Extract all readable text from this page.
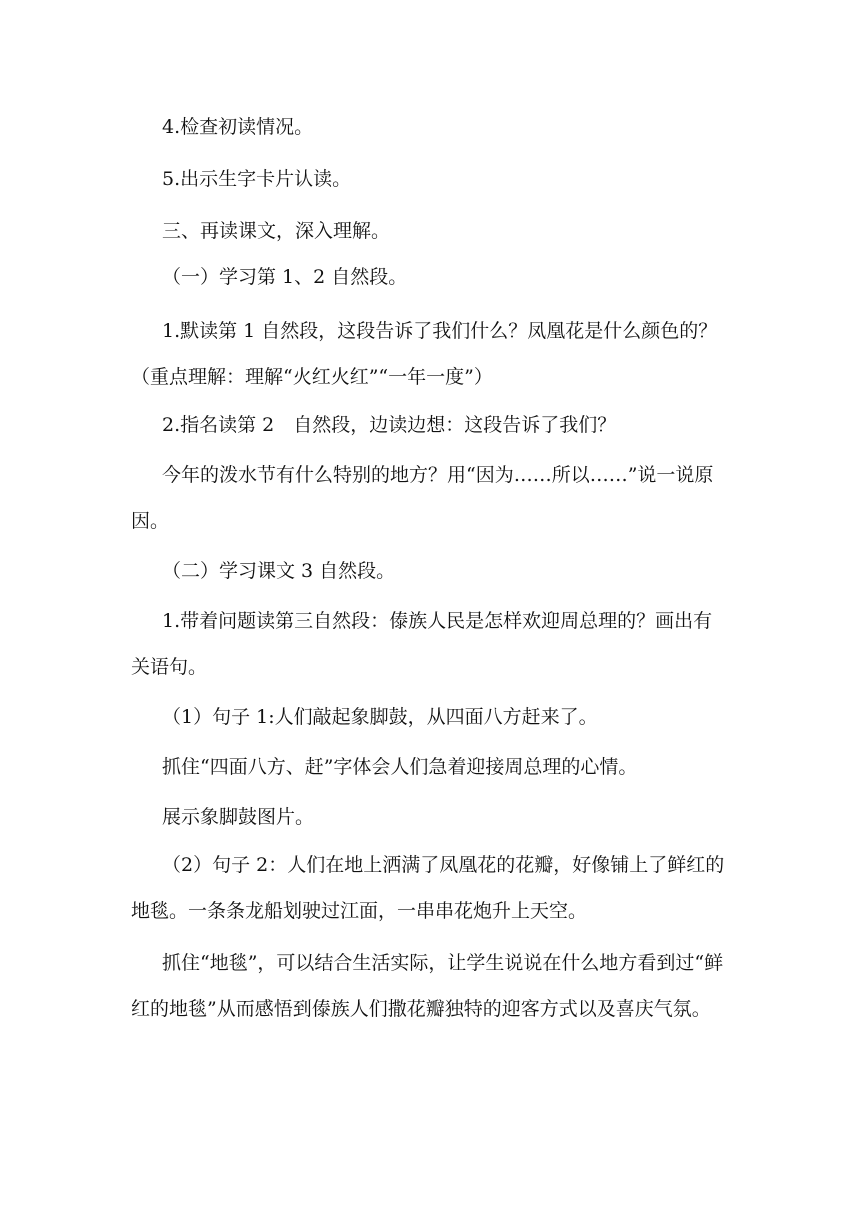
4.检查初读情况。

5.出示生字卡片认读。

三、再读课文，深入理解。

（一）学习第 1、2 自然段。

1.默读第 1 自然段，这段告诉了我们什么？凤凰花是什么颜色的？（重点理解：理解“火红火红”“一年一度”）

2.指名读第 2　自然段，边读边想：这段告诉了我们？

今年的泼水节有什么特别的地方？用“因为……所以……”说一说原因。

（二）学习课文 3 自然段。

1.带着问题读第三自然段：傣族人民是怎样欢迎周总理的？画出有关语句。

（1）句子 1:人们敲起象脚鼓，从四面八方赶来了。

抓住“四面八方、赶”字体会人们急着迎接周总理的心情。

展示象脚鼓图片。

（2）句子 2：人们在地上洒满了凤凰花的花瓣，好像铺上了鲜红的地毯。一条条龙船划驶过江面，一串串花炮升上天空。

抓住“地毯”，可以结合生活实际，让学生说说在什么地方看到过“鲜红的地毯”从而感悟到傣族人们撒花瓣独特的迎客方式以及喜庆气氛。
